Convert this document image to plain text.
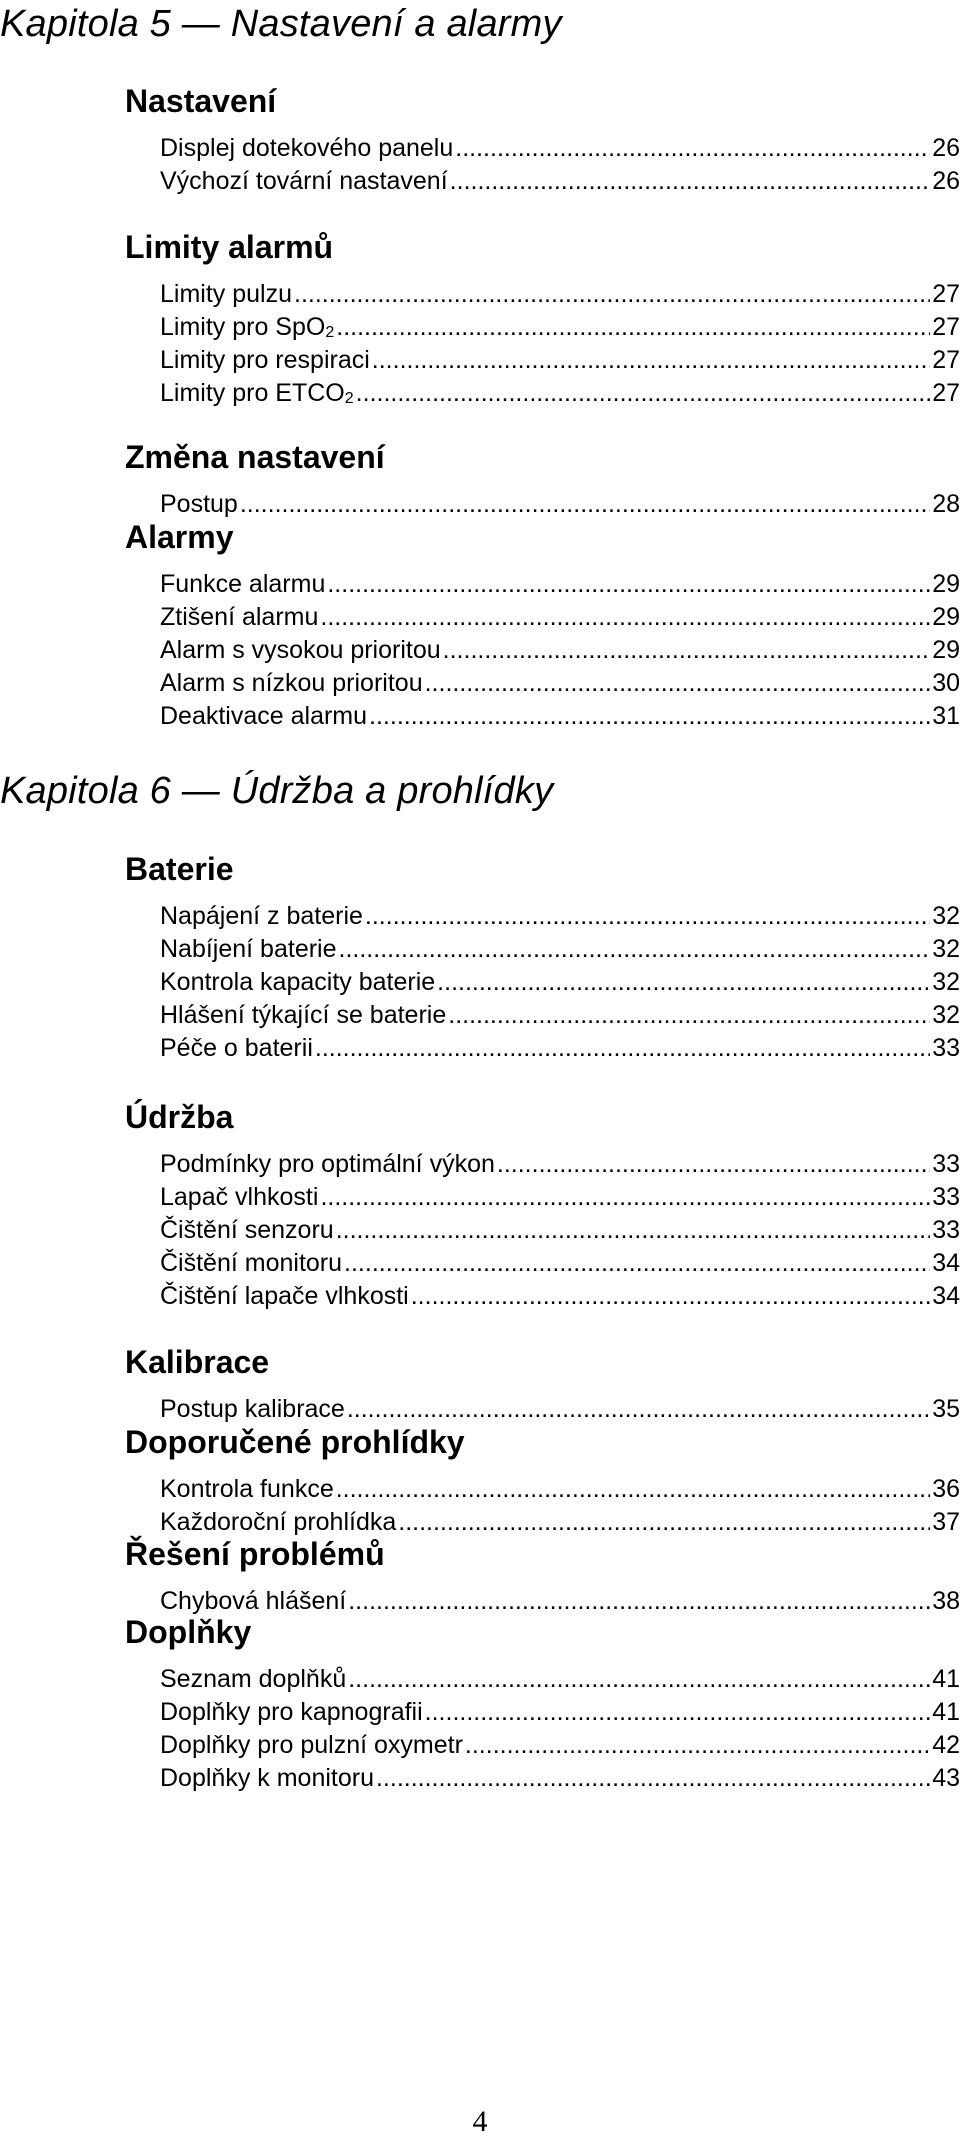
Kapitola 5 — Nastavení a alarmy
Nastavení
Displej dotekového panelu .....	26
Výchozí tovární nastavení .....	26
Limity alarmů
Limity pulzu .....	27
Limity pro SpO$_2$ .....	27
Limity pro respiraci .....	27
Limity pro $ETCO_2$ .....	27
Změna nastavení
Postup .....	28
Alarmy
Funkce alarmu .....	29
Ztišení alarmu .....	29
Alarm s vysokou prioritou .....	29
Alarm s nízkou prioritou .....	30
Deaktivace alarmu .....	31
Kapitola 6 — Údržba a prohlídky
Baterie
Napájení z baterie .....	32
Nabíjení baterie .....	32
Kontrola kapacity baterie .....	32
Hlášení týkající se baterie .....	32
Péče o baterii .....	33
Údržba
Podmínky pro optimální výkon .....	33
Lapač vlhkosti .....	33
Čištění senzoru .....	33
Čištění monitoru .....	34
Čištění lapače vlhkosti .....	34
Kalibrace
Postup kalibrace .....	35
Doporučené prohlídky
Kontrola funkce .....	36
Každoroční prohlídka .....	37
Řešení problémů
Chybová hlášení .....	38
Doplňky
Seznam doplňků .....	41
Doplňky pro kapnografii .....	41
Doplňky pro pulzní oxymetr .....	42
Doplňky k monitoru .....	43

4
